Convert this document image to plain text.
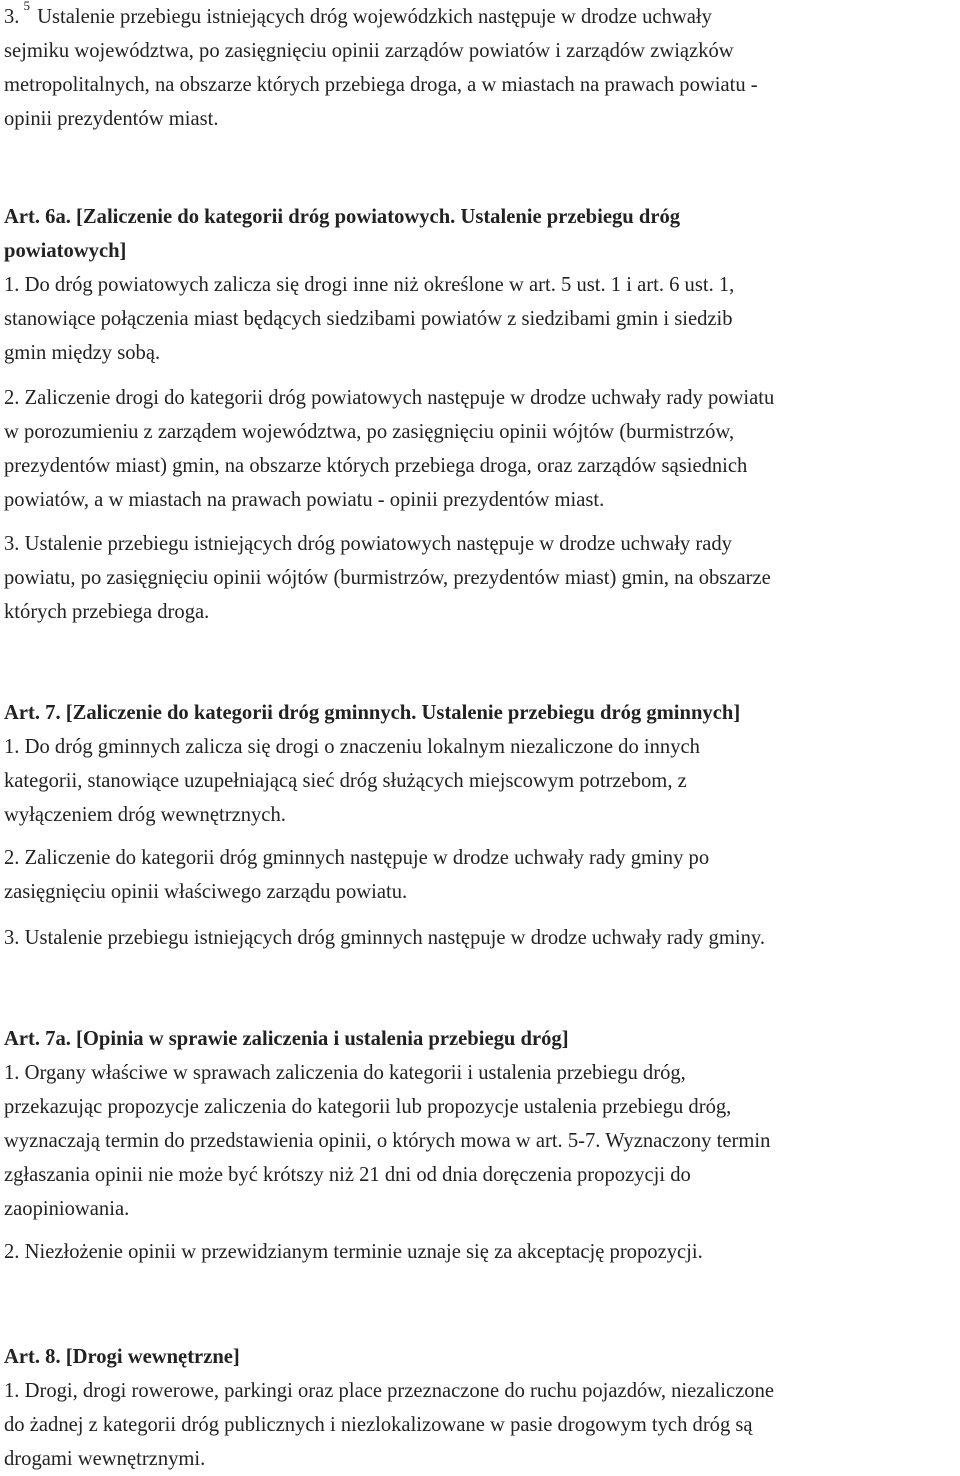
3.$^5$ Ustalenie przebiegu istniejących dróg wojewódzkich następuje w drodze uchwały

sejmiku województwa, po zasięgnięciu opinii zarządów powiatów i zarządów związków

metropolitalnych, na obszarze których przebiega droga, a w miastach na prawach powiatu -

opinii prezydentów miast.

Art. 6a. [Zaliczenie do kategorii dróg powiatowych. Ustalenie przebiegu dróg

powiatowych]

1. Do dróg powiatowych zalicza się drogi inne niż określone w art. 5 ust. 1 i art. 6 ust. 1,

stanowiące połączenia miast będących siedzibami powiatów z siedzibami gmin i siedzib

gmin między sobą.

2. Zaliczenie drogi do kategorii dróg powiatowych następuje w drodze uchwały rady powiatu

w porozumieniu z zarządem województwa, po zasięgnięciu opinii wójtów (burmistrzów,

prezydentów miast) gmin, na obszarze których przebiega droga, oraz zarządów sąsiednich

powiatów, a w miastach na prawach powiatu - opinii prezydentów miast.

3. Ustalenie przebiegu istniejących dróg powiatowych następuje w drodze uchwały rady

powiatu, po zasięgnięciu opinii wójtów (burmistrzów, prezydentów miast) gmin, na obszarze

których przebiega droga.

Art. 7. [Zaliczenie do kategorii dróg gminnych. Ustalenie przebiegu dróg gminnych]

1. Do dróg gminnych zalicza się drogi o znaczeniu lokalnym niezaliczone do innych

kategorii, stanowiące uzupełniającą sieć dróg służących miejscowym potrzebom, z

wyłączeniem dróg wewnętrznych.

2. Zaliczenie do kategorii dróg gminnych następuje w drodze uchwały rady gminy po

zasięgnięciu opinii właściwego zarządu powiatu.

3. Ustalenie przebiegu istniejących dróg gminnych następuje w drodze uchwały rady gminy.

Art. 7a. [Opinia w sprawie zaliczenia i ustalenia przebiegu dróg]

1. Organy właściwe w sprawach zaliczenia do kategorii i ustalenia przebiegu dróg,

przekazując propozycje zaliczenia do kategorii lub propozycje ustalenia przebiegu dróg,

wyznaczają termin do przedstawienia opinii, o których mowa w art. 5-7. Wyznaczony termin

zgłaszania opinii nie może być krótszy niż 21 dni od dnia doręczenia propozycji do

zaopiniowania.

2. Niezłożenie opinii w przewidzianym terminie uznaje się za akceptację propozycji.

Art. 8. [Drogi wewnętrzne]

1. Drogi, drogi rowerowe, parkingi oraz place przeznaczone do ruchu pojazdów, niezaliczone

do żadnej z kategorii dróg publicznych i niezlokalizowane w pasie drogowym tych dróg są

drogami wewnętrznymi.
